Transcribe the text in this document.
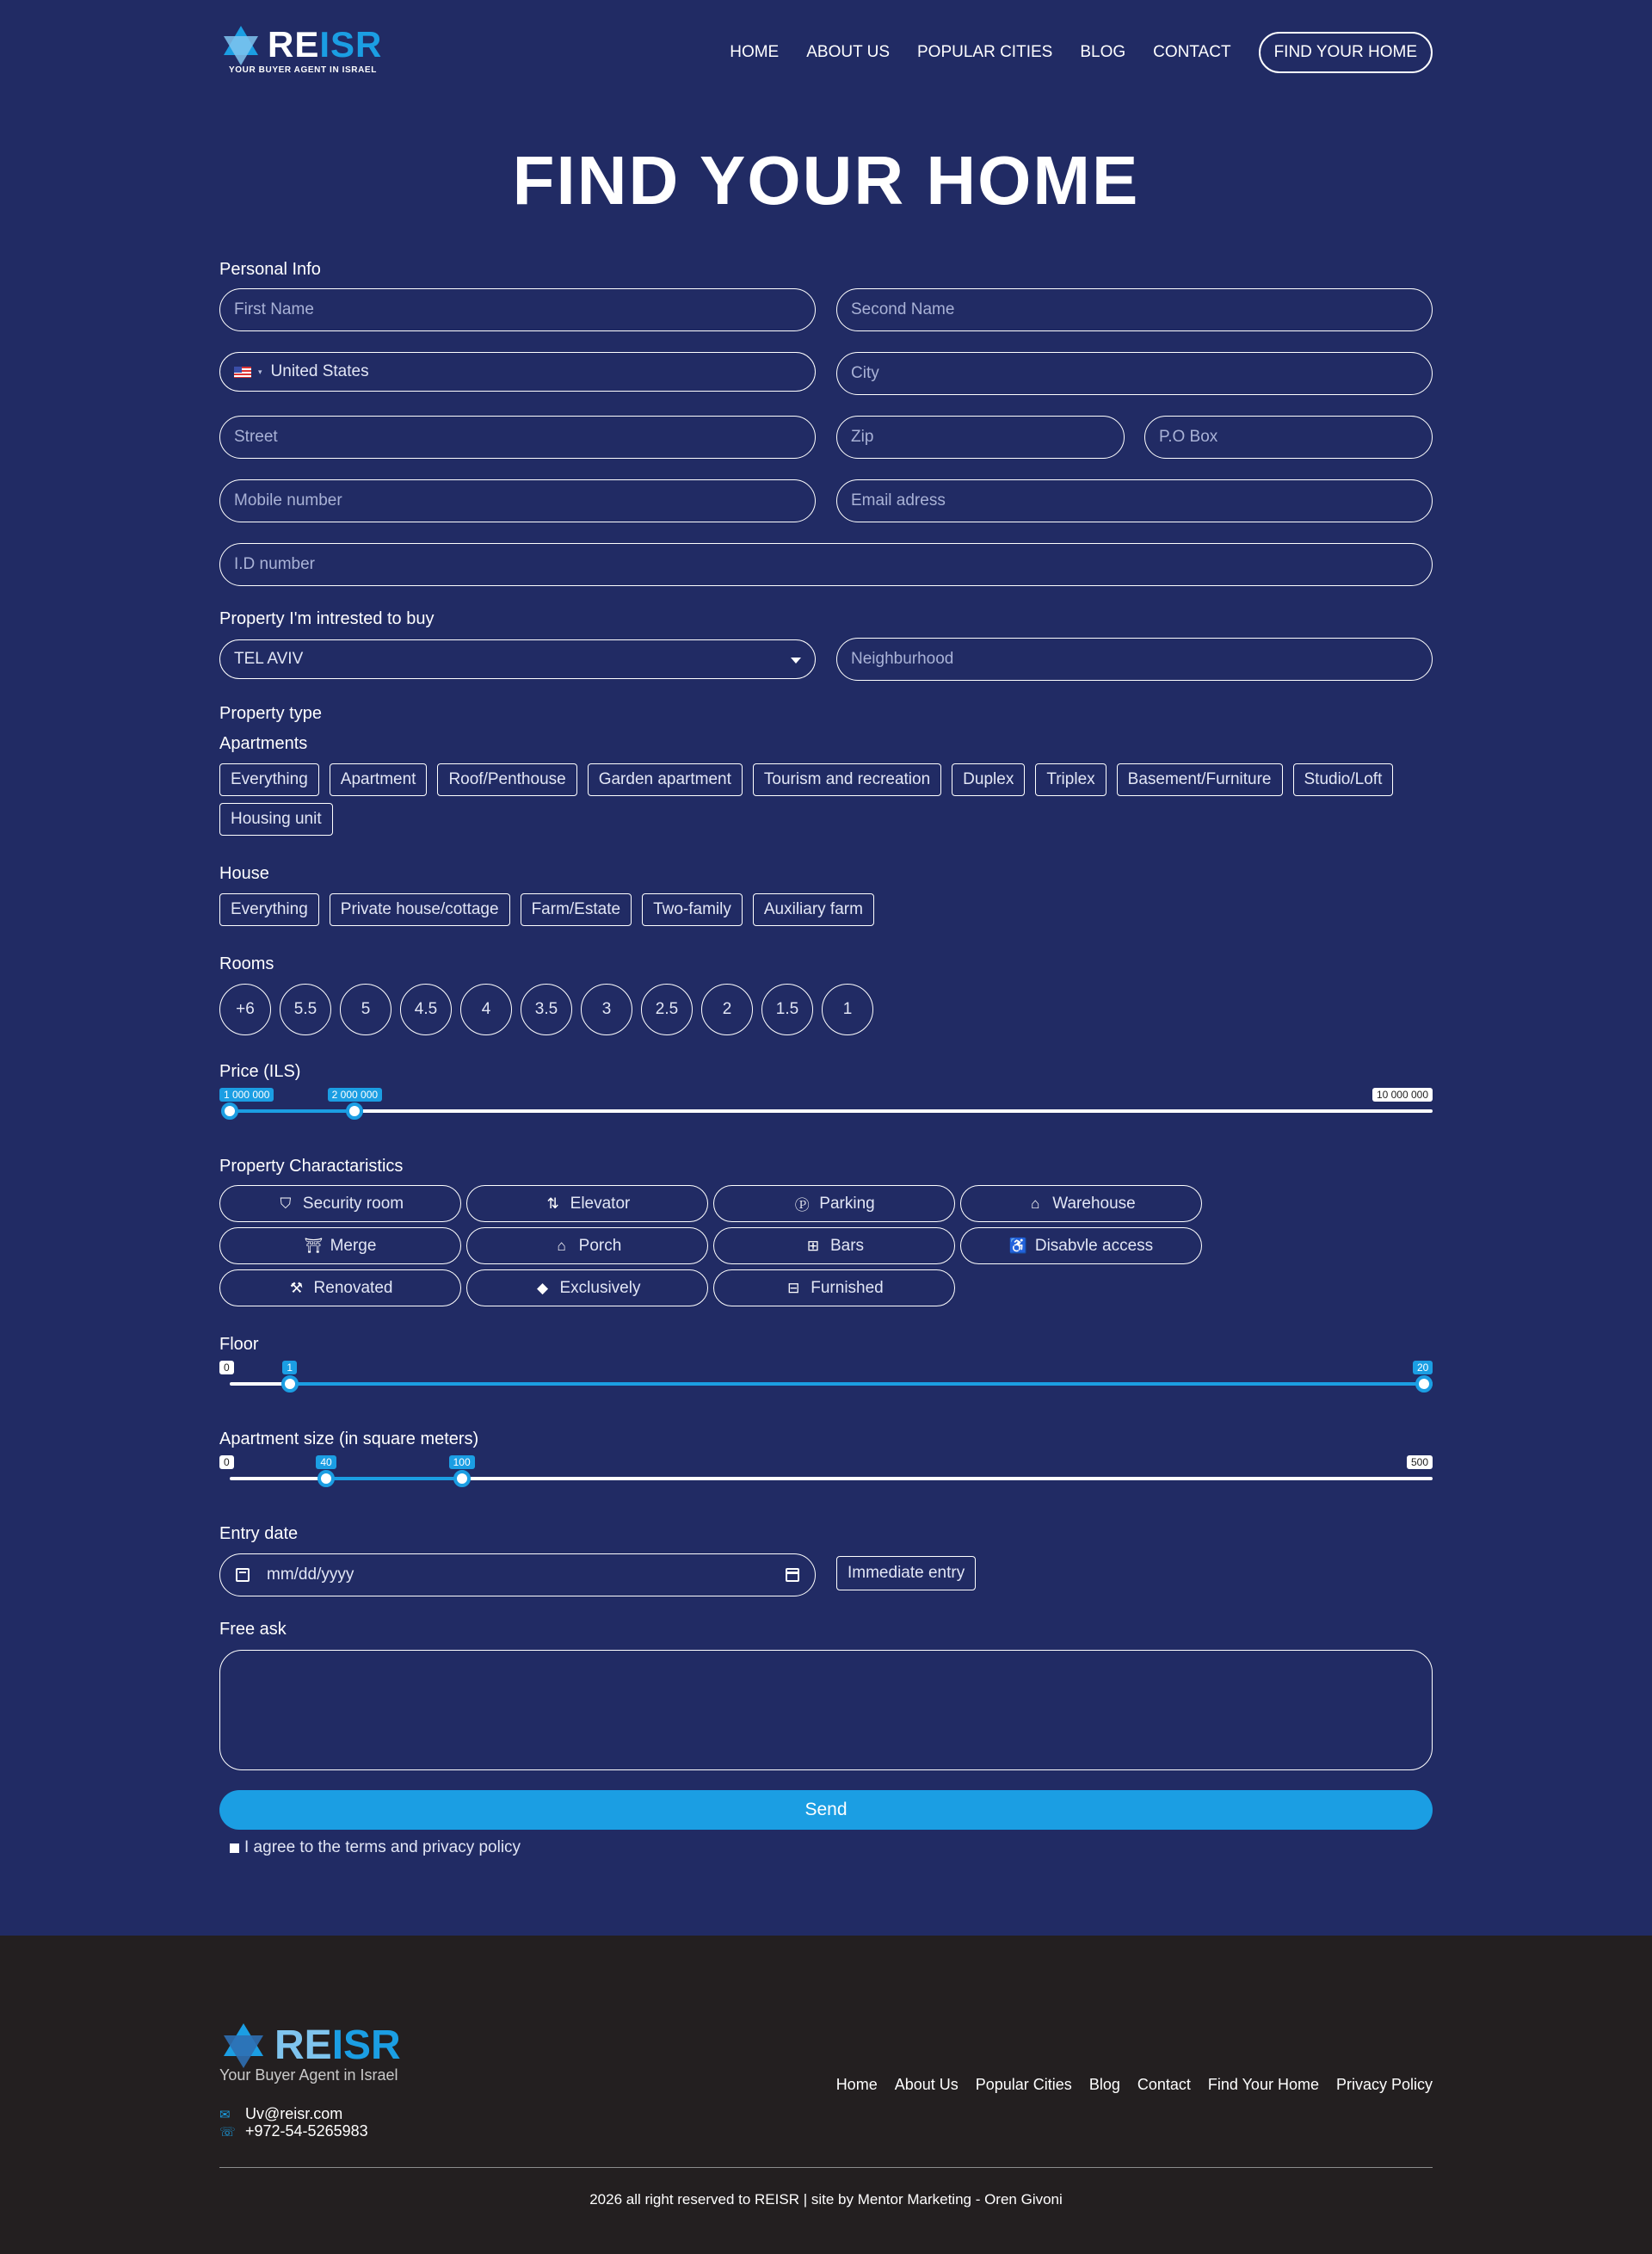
REISR
YOUR BUYER AGENT IN ISRAEL
HOME ABOUT US POPULAR CITIES BLOG CONTACT	FIND YOUR HOME
FIND YOUR HOME
Personal Info
First Name
Second Name
▾ United States
City
Street
Zip
P.O Box
Mobile number
Email adress
I.D number
Property I'm intrested to buy
TEL AVIV
Neighburhood
Property type
Apartments
Everything	Apartment	Roof/Penthouse	Garden apartment	Tourism and recreation	Duplex	Triplex	Basement/Furniture	Studio/Loft
Housing unit
House
Everything	Private house/cottage	Farm/Estate	Two-family	Auxiliary farm
Rooms
+6	5.5	5	4.5	4	3.5	3	2.5	2	1.5	1
Price (ILS)
1 000 000	2 000 000	10 000 000
Property Charactaristics
⛉ Security room	⇅ Elevator	Ⓟ Parking	⌂ Warehouse
⛩ Merge	⌂ Porch	⊞ Bars	♿ Disabvle access
⚒ Renovated	◆ Exclusively	⊟ Furnished
Floor
0	1	20
Apartment size (in square meters)
0	40	100	500
Entry date
mm/dd/yyyy	Immediate entry
Free ask
Send
I agree to the terms and privacy policy
REISR
Your Buyer Agent in Israel
✉ Uv@reisr.com
☏ +972-54-5265983
Home About Us Popular Cities Blog Contact Find Your Home Privacy Policy
2026 all right reserved to REISR | site by Mentor Marketing - Oren Givoni
